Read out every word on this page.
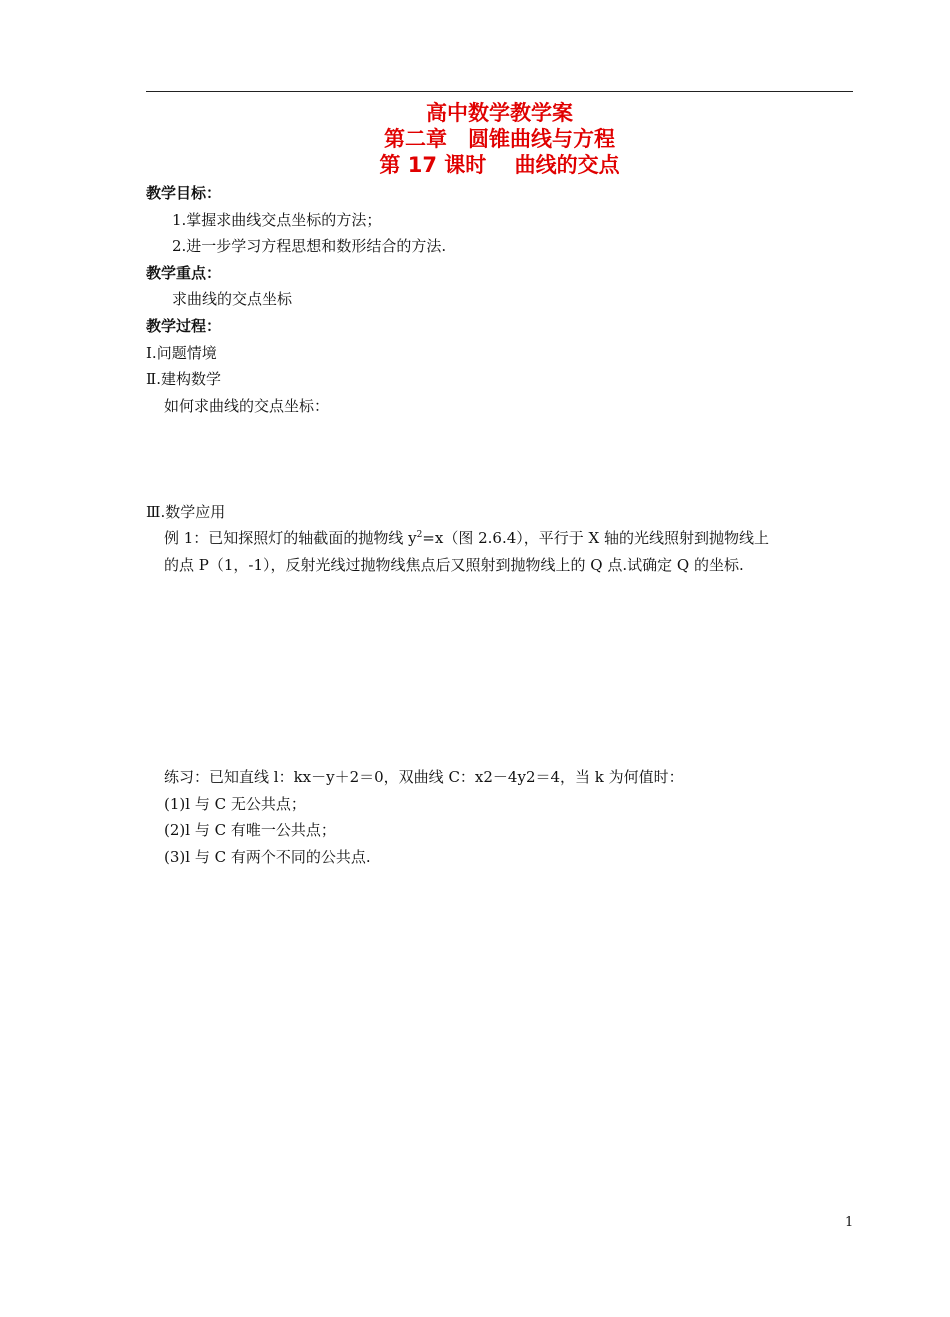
高中数学教学案
第二章　圆锥曲线与方程
第 17 课时　 曲线的交点
教学目标：
1.掌握求曲线交点坐标的方法；
2.进一步学习方程思想和数形结合的方法.
教学重点：
求曲线的交点坐标
教学过程：
Ⅰ.问题情境
Ⅱ.建构数学
如何求曲线的交点坐标：
Ⅲ.数学应用
例 1：已知探照灯的轴截面的抛物线 $y^2=x$（图 2.6.4），平行于 X 轴的光线照射到抛物线上
的点 P（1，-1），反射光线过抛物线焦点后又照射到抛物线上的 Q 点.试确定 Q 的坐标.
练习：已知直线 l：kx－y＋2＝0，双曲线 C：x2－4y2＝4，当 k 为何值时：
(1)l 与 C 无公共点；
(2)l 与 C 有唯一公共点；
(3)l 与 C 有两个不同的公共点.
1
